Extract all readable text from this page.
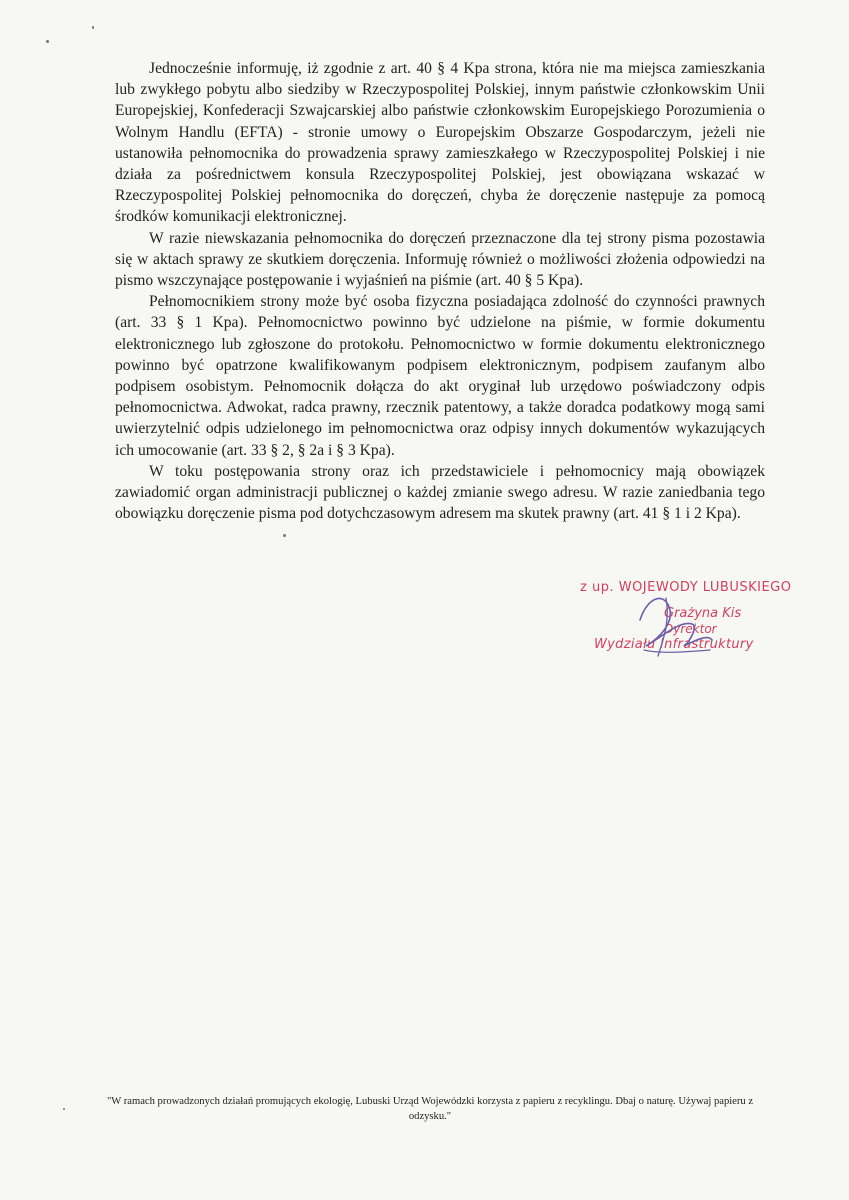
Jednocześnie informuję, iż zgodnie z art. 40 § 4 Kpa strona, która nie ma miejsca zamieszkania lub zwykłego pobytu albo siedziby w Rzeczypospolitej Polskiej, innym państwie członkowskim Unii Europejskiej, Konfederacji Szwajcarskiej albo państwie członkowskim Europejskiego Porozumienia o Wolnym Handlu (EFTA) - stronie umowy o Europejskim Obszarze Gospodarczym, jeżeli nie ustanowiła pełnomocnika do prowadzenia sprawy zamieszkałego w Rzeczypospolitej Polskiej i nie działa za pośrednictwem konsula Rzeczypospolitej Polskiej, jest obowiązana wskazać w Rzeczypospolitej Polskiej pełnomocnika do doręczeń, chyba że doręczenie następuje za pomocą środków komunikacji elektronicznej.

W razie niewskazania pełnomocnika do doręczeń przeznaczone dla tej strony pisma pozostawia się w aktach sprawy ze skutkiem doręczenia. Informuję również o możliwości złożenia odpowiedzi na pismo wszczynające postępowanie i wyjaśnień na piśmie (art. 40 § 5 Kpa).

Pełnomocnikiem strony może być osoba fizyczna posiadająca zdolność do czynności prawnych (art. 33 § 1 Kpa). Pełnomocnictwo powinno być udzielone na piśmie, w formie dokumentu elektronicznego lub zgłoszone do protokołu. Pełnomocnictwo w formie dokumentu elektronicznego powinno być opatrzone kwalifikowanym podpisem elektronicznym, podpisem zaufanym albo podpisem osobistym. Pełnomocnik dołącza do akt oryginał lub urzędowo poświadczony odpis pełnomocnictwa. Adwokat, radca prawny, rzecznik patentowy, a także doradca podatkowy mogą sami uwierzytelnić odpis udzielonego im pełnomocnictwa oraz odpisy innych dokumentów wykazujących ich umocowanie (art. 33 § 2, § 2a i § 3 Kpa).

W toku postępowania strony oraz ich przedstawiciele i pełnomocnicy mają obowiązek zawiadomić organ administracji publicznej o każdej zmianie swego adresu. W razie zaniedbania tego obowiązku doręczenie pisma pod dotychczasowym adresem ma skutek prawny (art. 41 § 1 i 2 Kpa).

z up. WOJEWODY LUBUSKIEGO
Grażyna Kis
Dyrektor
Wydziału Infrastruktury
"W ramach prowadzonych działań promujących ekologię, Lubuski Urząd Wojewódzki korzysta z papieru z recyklingu. Dbaj o naturę. Używaj papieru z odzysku."
